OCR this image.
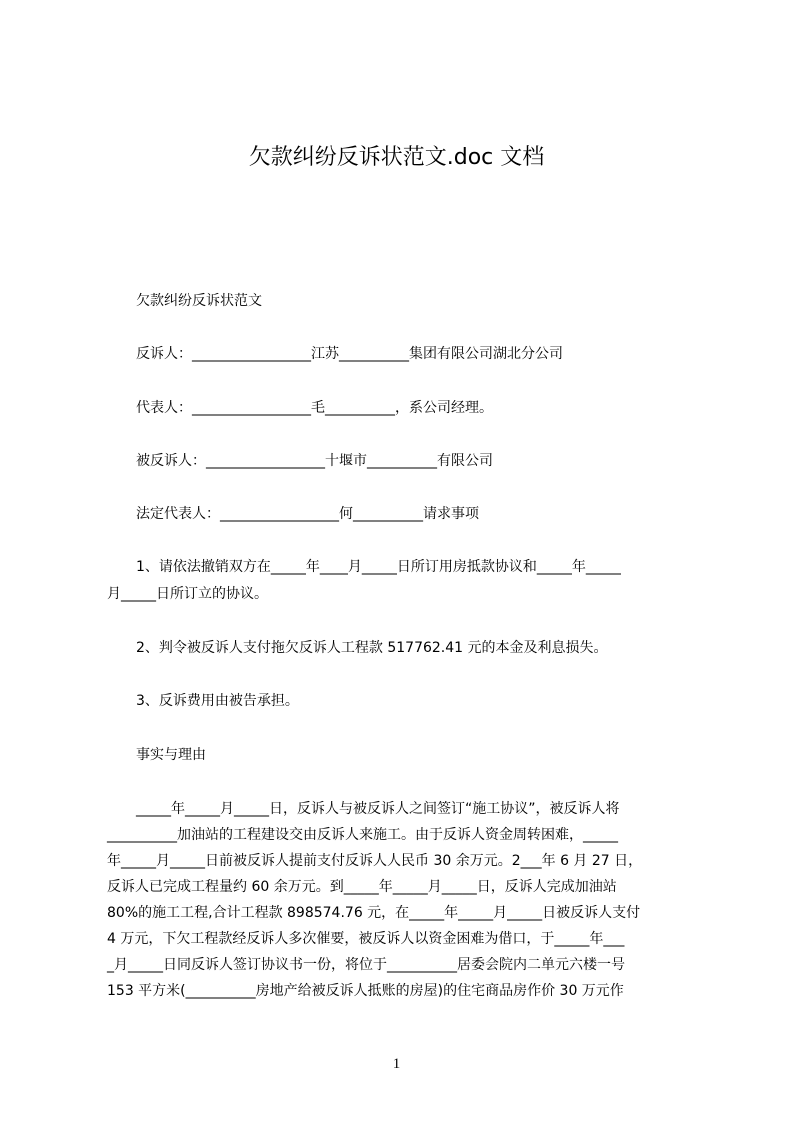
欠款纠纷反诉状范文.doc 文档
欠款纠纷反诉状范文
反诉人：_________________江苏__________集团有限公司湖北分公司
代表人：_________________毛__________，系公司经理。
被反诉人：_________________十堰市__________有限公司
法定代表人：_________________何__________请求事项
1、请依法撤销双方在_____年____月_____日所订用房抵款协议和_____年_____
月_____日所订立的协议。
2、判令被反诉人支付拖欠反诉人工程款 517762.41 元的本金及利息损失。
3、反诉费用由被告承担。
事实与理由
_____年_____月_____日，反诉人与被反诉人之间签订“施工协议”，被反诉人将
__________加油站的工程建设交由反诉人来施工。由于反诉人资金周转困难，_____
年_____月_____日前被反诉人提前支付反诉人人民币 30 余万元。2___年 6 月 27 日，
反诉人已完成工程量约 60 余万元。到_____年_____月_____日，反诉人完成加油站
80%的施工工程,合计工程款 898574.76 元，在_____年_____月_____日被反诉人支付
4 万元，下欠工程款经反诉人多次催要，被反诉人以资金困难为借口，于_____年___
_月_____日同反诉人签订协议书一份，将位于__________居委会院内二单元六楼一号
153 平方米(__________房地产给被反诉人抵账的房屋)的住宅商品房作价 30 万元作
1
